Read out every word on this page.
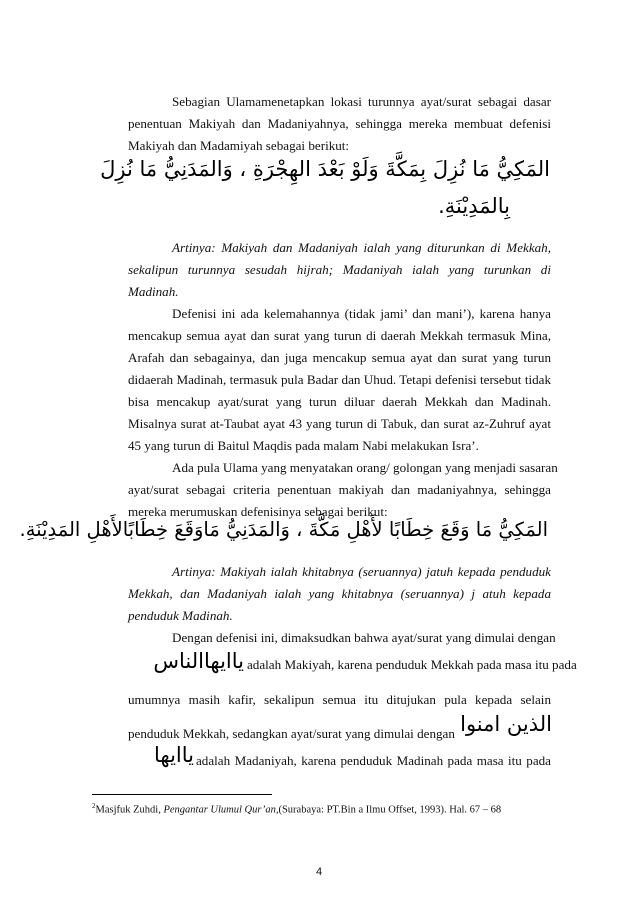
Sebagian Ulamamenetapkan lokasi turunnya ayat/surat sebagai dasar

penentuan Makiyah dan Madaniyahnya, sehingga mereka membuat defenisi

Makiyah dan Madamiyah sebagai berikut:

المَكِيُّ مَا نُزِلَ بِمَكَّةَ وَلَوْ بَعْدَ الهِجْرَةِ ، وَالمَدَنِيُّ مَا نُزِلَ
بِالمَدِيْنَةِ.

Artinya: Makiyah dan Madaniyah ialah yang diturunkan di Mekkah,

sekalipun turunnya sesudah hijrah; Madaniyah ialah yang turunkan di

Madinah.

Defenisi ini ada kelemahannya (tidak jami’ dan mani’), karena hanya

mencakup semua ayat dan surat yang turun di daerah Mekkah termasuk Mina,

Arafah dan sebagainya, dan juga mencakup semua ayat dan surat yang turun

didaerah Madinah, termasuk pula Badar dan Uhud. Tetapi defenisi tersebut tidak

bisa mencakup ayat/surat yang turun diluar daerah Mekkah dan Madinah.

Misalnya surat at-Taubat ayat 43 yang turun di Tabuk, dan surat az-Zuhruf ayat

45 yang turun di Baitul Maqdis pada malam Nabi melakukan Isra’.

Ada pula Ulama yang menyatakan orang/ golongan yang menjadi sasaran

ayat/surat sebagai criteria penentuan makiyah dan madaniyahnya, sehingga

mereka merumuskan defenisinya sebagai berikut:

المَكِيُّ مَا وَقَعَ خِطَابًا لأَهْلِ مَكَّةَ ، وَالمَدَنِيُّ مَاوَقَعَ خِطَابًالأَهْلِ المَدِيْنَةِ.

Artinya: Makiyah ialah khitabnya (seruannya) jatuh kepada penduduk

Mekkah, dan Madaniyah ialah yang khitabnya (seruannya) j atuh kepada

penduduk Madinah.

Dengan defenisi ini, dimaksudkan bahwa ayat/surat yang dimulai dengan

ياايهاالناس adalah Makiyah, karena penduduk Mekkah pada masa itu pada

umumnya masih kafir, sekalipun semua itu ditujukan pula kepada selain

penduduk Mekkah, sedangkan ayat/surat yang dimulai dengan الذين امنوا
ياايها adalah Madaniyah, karena penduduk Madinah pada masa itu pada

$^2$Masjfuk Zuhdi, Pengantar Ulumul Qur’an,(Surabaya: PT.Bin a Ilmu Offset, 1993). Hal. 67 – 68
4
